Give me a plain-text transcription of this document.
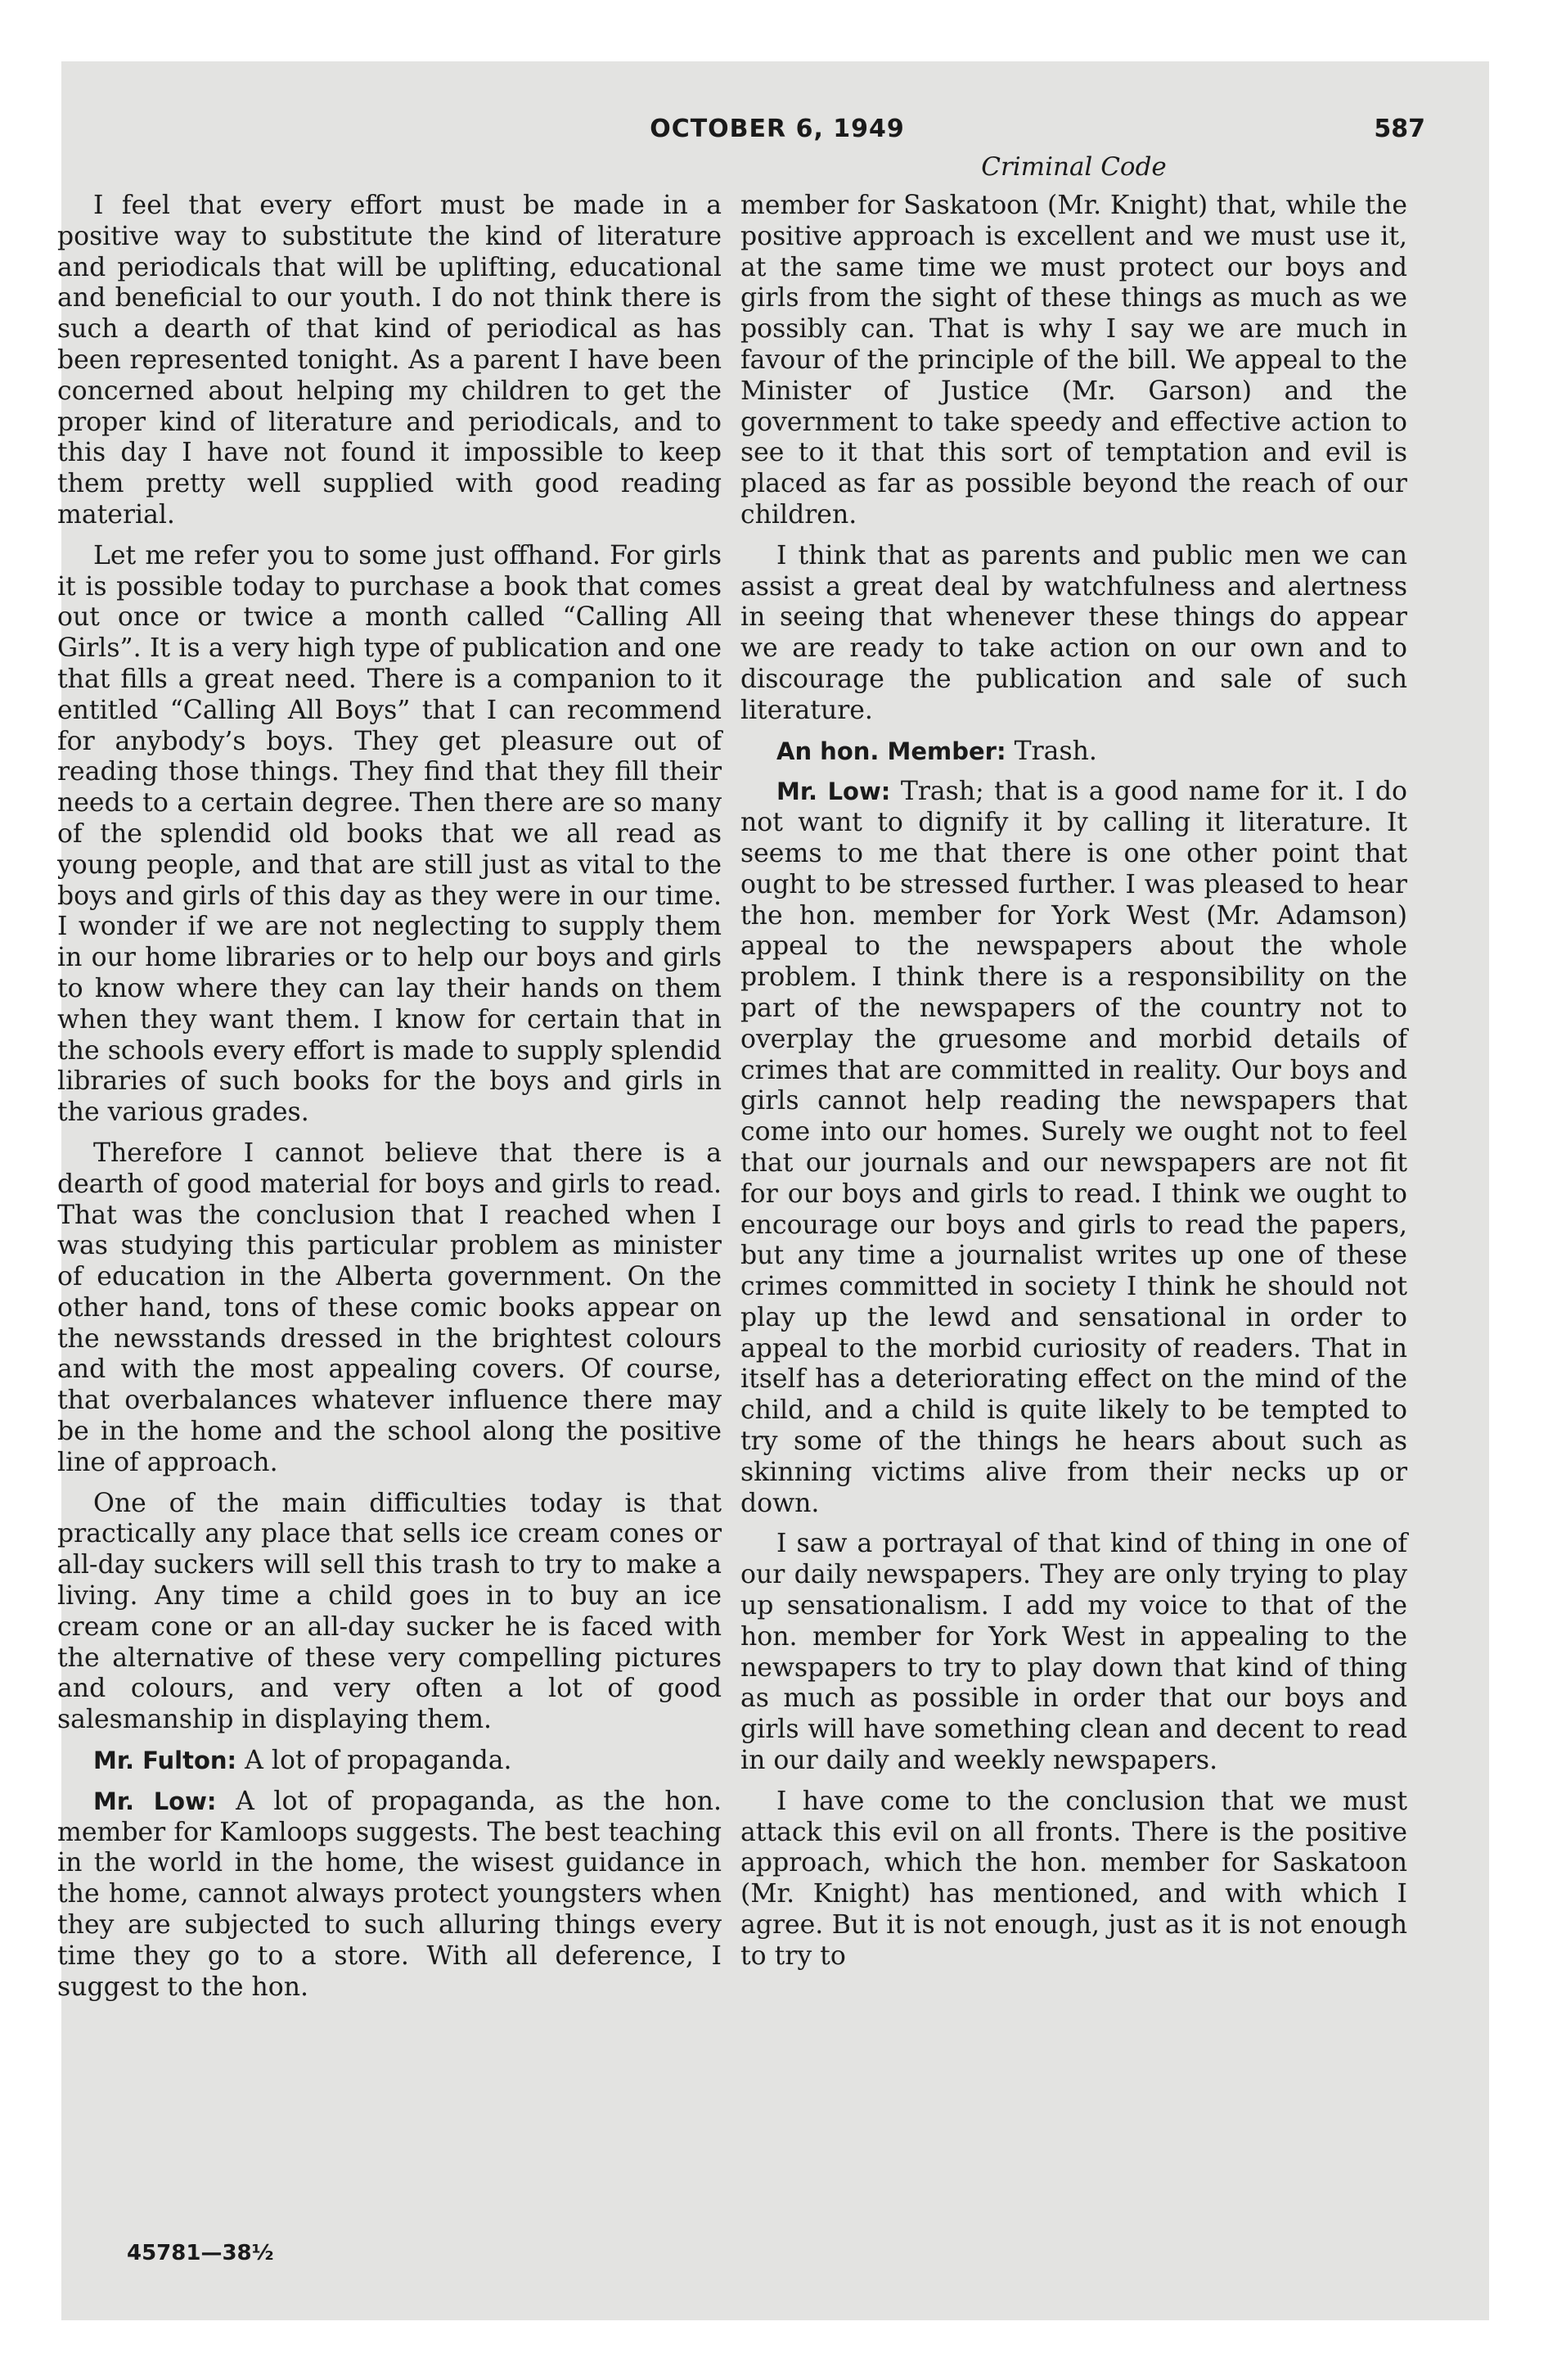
OCTOBER 6, 1949	587
Criminal Code

I feel that every effort must be made in a positive way to substitute the kind of literature and periodicals that will be uplifting, educational and beneficial to our youth. I do not think there is such a dearth of that kind of periodical as has been represented tonight. As a parent I have been concerned about helping my children to get the proper kind of literature and periodicals, and to this day I have not found it impossible to keep them pretty well supplied with good reading material.

Let me refer you to some just offhand. For girls it is possible today to purchase a book that comes out once or twice a month called “Calling All Girls”. It is a very high type of publication and one that fills a great need. There is a companion to it entitled “Calling All Boys” that I can recommend for anybody’s boys. They get pleasure out of reading those things. They find that they fill their needs to a certain degree. Then there are so many of the splendid old books that we all read as young people, and that are still just as vital to the boys and girls of this day as they were in our time. I wonder if we are not neglecting to supply them in our home libraries or to help our boys and girls to know where they can lay their hands on them when they want them. I know for certain that in the schools every effort is made to supply splendid libraries of such books for the boys and girls in the various grades.

Therefore I cannot believe that there is a dearth of good material for boys and girls to read. That was the conclusion that I reached when I was studying this particular problem as minister of education in the Alberta government. On the other hand, tons of these comic books appear on the newsstands dressed in the brightest colours and with the most appealing covers. Of course, that overbalances whatever influence there may be in the home and the school along the positive line of approach.

One of the main difficulties today is that practically any place that sells ice cream cones or all-day suckers will sell this trash to try to make a living. Any time a child goes in to buy an ice cream cone or an all-day sucker he is faced with the alternative of these very compelling pictures and colours, and very often a lot of good salesmanship in displaying them.

Mr. Fulton: A lot of propaganda.

Mr. Low: A lot of propaganda, as the hon. member for Kamloops suggests. The best teaching in the world in the home, the wisest guidance in the home, cannot always protect youngsters when they are subjected to such alluring things every time they go to a store. With all deference, I suggest to the hon.

member for Saskatoon (Mr. Knight) that, while the positive approach is excellent and we must use it, at the same time we must protect our boys and girls from the sight of these things as much as we possibly can. That is why I say we are much in favour of the principle of the bill. We appeal to the Minister of Justice (Mr. Garson) and the government to take speedy and effective action to see to it that this sort of temptation and evil is placed as far as possible beyond the reach of our children.

I think that as parents and public men we can assist a great deal by watchfulness and alertness in seeing that whenever these things do appear we are ready to take action on our own and to discourage the publication and sale of such literature.

An hon. Member: Trash.

Mr. Low: Trash; that is a good name for it. I do not want to dignify it by calling it literature. It seems to me that there is one other point that ought to be stressed further. I was pleased to hear the hon. member for York West (Mr. Adamson) appeal to the newspapers about the whole problem. I think there is a responsibility on the part of the newspapers of the country not to overplay the gruesome and morbid details of crimes that are committed in reality. Our boys and girls cannot help reading the newspapers that come into our homes. Surely we ought not to feel that our journals and our newspapers are not fit for our boys and girls to read. I think we ought to encourage our boys and girls to read the papers, but any time a journalist writes up one of these crimes committed in society I think he should not play up the lewd and sensational in order to appeal to the morbid curiosity of readers. That in itself has a deteriorating effect on the mind of the child, and a child is quite likely to be tempted to try some of the things he hears about such as skinning victims alive from their necks up or down.

I saw a portrayal of that kind of thing in one of our daily newspapers. They are only trying to play up sensationalism. I add my voice to that of the hon. member for York West in appealing to the newspapers to try to play down that kind of thing as much as possible in order that our boys and girls will have something clean and decent to read in our daily and weekly newspapers.

I have come to the conclusion that we must attack this evil on all fronts. There is the positive approach, which the hon. member for Saskatoon (Mr. Knight) has mentioned, and with which I agree. But it is not enough, just as it is not enough to try to

45781—38½
